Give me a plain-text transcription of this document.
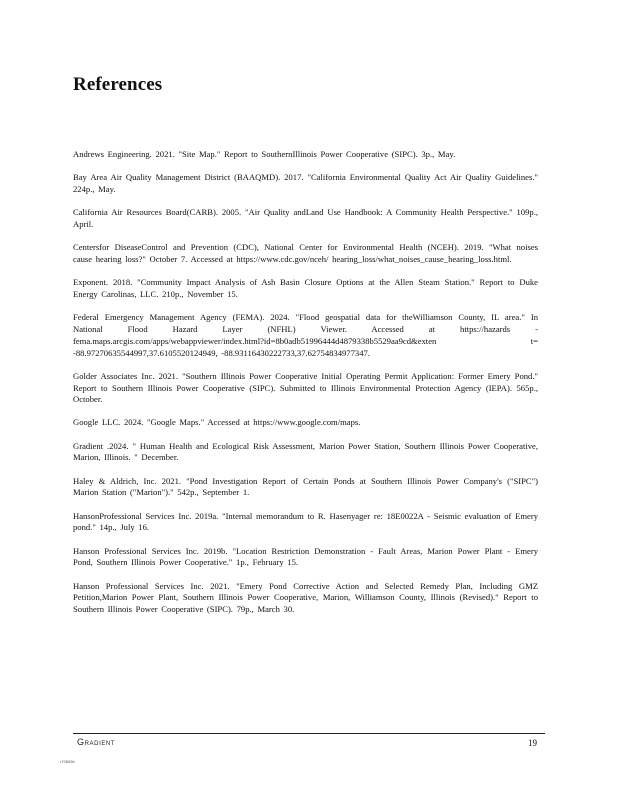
References

Andrews Engineering. 2021. "Site Map." Report to SouthernIllinois Power Cooperative (SIPC). 3p., May.

Bay Area Air Quality Management District (BAAQMD). 2017. "California Environmental Quality Act Air Quality Guidelines." 224p., May.

California Air Resources Board(CARB). 2005. "Air Quality andLand Use Handbook: A Community Health Perspective." 109p., April.

Centersfor DiseaseControl and Prevention (CDC), National Center for Environmental Health (NCEH). 2019. "What noises cause hearing loss?" October 7. Accessed at https://www.cdc.gov/nceh/ hearing_loss/what_noises_cause_hearing_loss.html.

Exponent. 2018. "Community Impact Analysis of Ash Basin Closure Options at the Allen Steam Station." Report to Duke Energy Carolinas, LLC. 210p., November 15.

Federal Emergency Management Agency (FEMA). 2024. "Flood geospatial data for theWilliamson County, IL area." In National Flood Hazard Layer (NFHL) Viewer. Accessed at https://hazards - fema.maps.arcgis.com/apps/webappviewer/index.html?id=8b0adb51996444d4879338b5529aa9cd&exten t= -88.97270635544997,37.6105520124949, -88.93116430222733,37.62754834977347.

Golder Associates Inc. 2021. "Southern Illinois Power Cooperative Initial Operating Permit Application: Former Emery Pond." Report to Southern Illinois Power Cooperative (SIPC). Submitted to Illinois Environmental Protection Agency (IEPA). 565p., October.

Google LLC. 2024. "Google Maps." Accessed at https://www.google.com/maps.

Gradient .2024. " Human Health and Ecological Risk Assessment, Marion Power Station, Southern Illinois Power Cooperative, Marion, Illinois. " December.

Haley & Aldrich, Inc. 2021. "Pond Investigation Report of Certain Ponds at Southern Illinois Power Company's ("SIPC") Marion Station ("Marion")." 542p., September 1.

HansonProfessional Services Inc. 2019a. "Internal memorandum to R. Hasenyager re: 18E0022A - Seismic evaluation of Emery pond." 14p., July 16.

Hanson Professional Services Inc. 2019b. "Location Restriction Demonstration - Fault Areas, Marion Power Plant - Emery Pond, Southern Illinois Power Cooperative." 1p., February 15.

Hanson Professional Services Inc. 2021. "Emery Pond Corrective Action and Selected Remedy Plan, Including GMZ Petition,Marion Power Plant, Southern Illinois Power Cooperative, Marion, Williamson County, Illinois (Revised)." Report to Southern Illinois Power Cooperative (SIPC). 79p., March 30.

Gradient	19
r72805b
